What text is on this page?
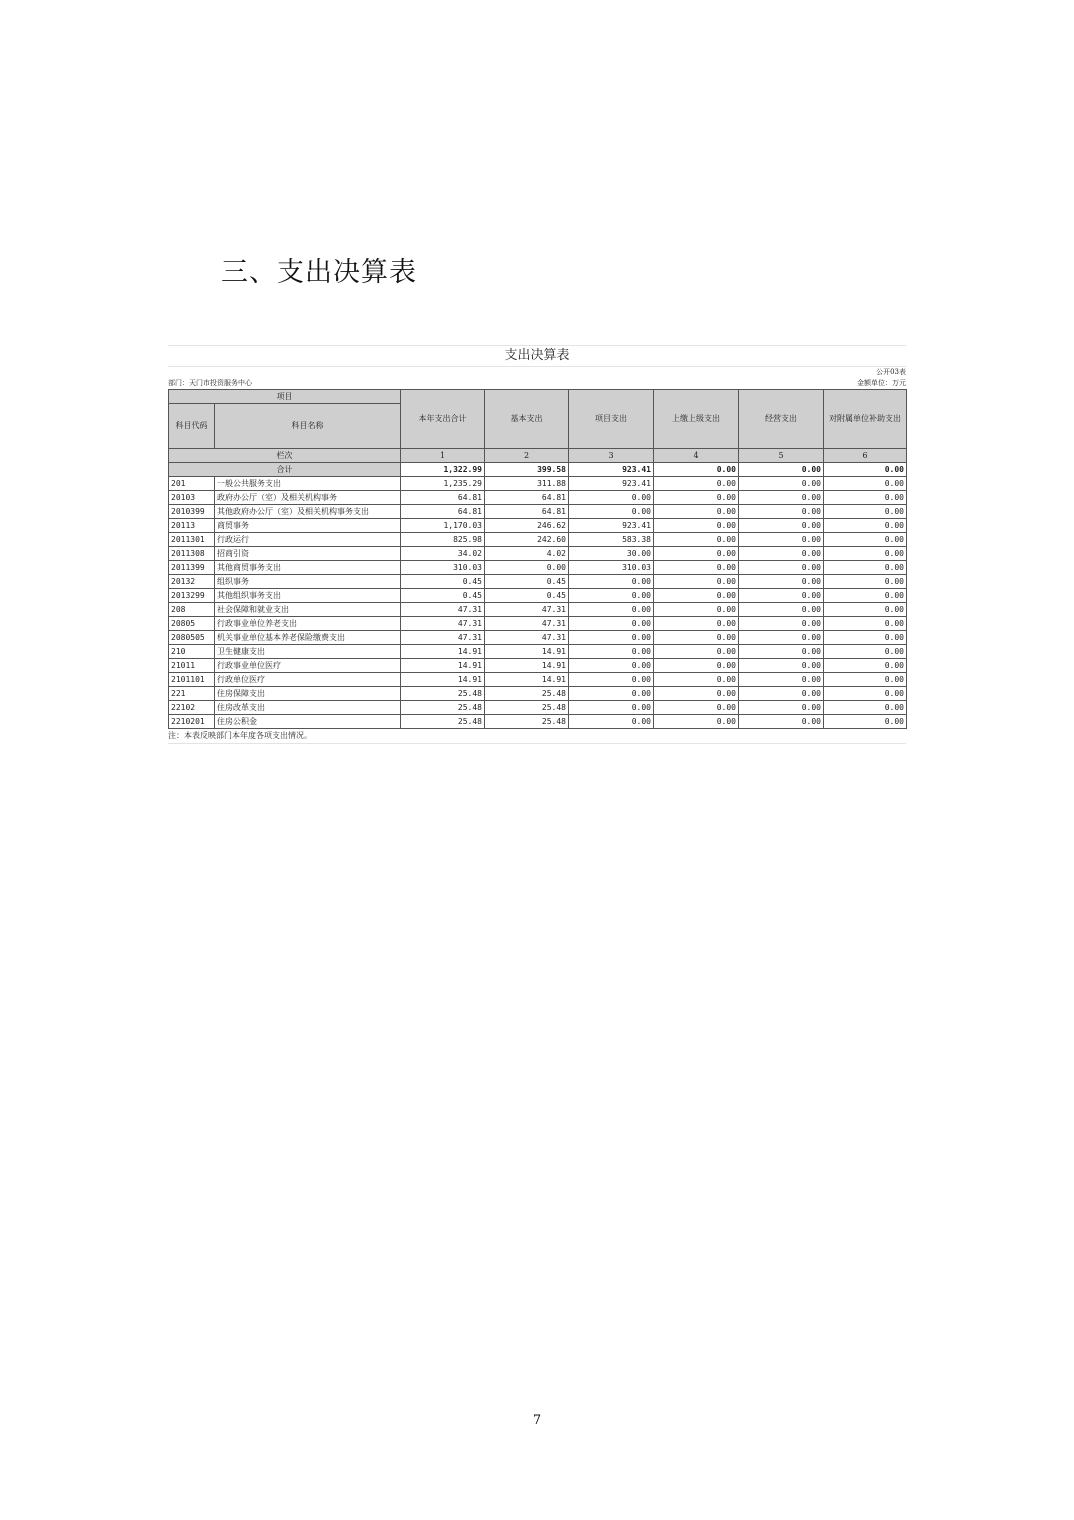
三、支出决算表
支出决算表
公开03表
部门：天门市投资服务中心	金额单位：万元
项目		本年支出合计	基本支出	项目支出	上缴上级支出	经营支出	对附属单位补助支出
科目代码	科目名称						
栏次		1	2	3	4	5	6
合计		1,322.99	399.58	923.41	0.00	0.00	0.00
201	一般公共服务支出	1,235.29	311.88	923.41	0.00	0.00	0.00
20103	政府办公厅（室）及相关机构事务	64.81	64.81	0.00	0.00	0.00	0.00
2010399	其他政府办公厅（室）及相关机构事务支出	64.81	64.81	0.00	0.00	0.00	0.00
20113	商贸事务	1,170.03	246.62	923.41	0.00	0.00	0.00
2011301	行政运行	825.98	242.60	583.38	0.00	0.00	0.00
2011308	招商引资	34.02	4.02	30.00	0.00	0.00	0.00
2011399	其他商贸事务支出	310.03	0.00	310.03	0.00	0.00	0.00
20132	组织事务	0.45	0.45	0.00	0.00	0.00	0.00
2013299	其他组织事务支出	0.45	0.45	0.00	0.00	0.00	0.00
208	社会保障和就业支出	47.31	47.31	0.00	0.00	0.00	0.00
20805	行政事业单位养老支出	47.31	47.31	0.00	0.00	0.00	0.00
2080505	机关事业单位基本养老保险缴费支出	47.31	47.31	0.00	0.00	0.00	0.00
210	卫生健康支出	14.91	14.91	0.00	0.00	0.00	0.00
21011	行政事业单位医疗	14.91	14.91	0.00	0.00	0.00	0.00
2101101	行政单位医疗	14.91	14.91	0.00	0.00	0.00	0.00
221	住房保障支出	25.48	25.48	0.00	0.00	0.00	0.00
22102	住房改革支出	25.48	25.48	0.00	0.00	0.00	0.00
2210201	住房公积金	25.48	25.48	0.00	0.00	0.00	0.00
注：本表反映部门本年度各项支出情况。
7
